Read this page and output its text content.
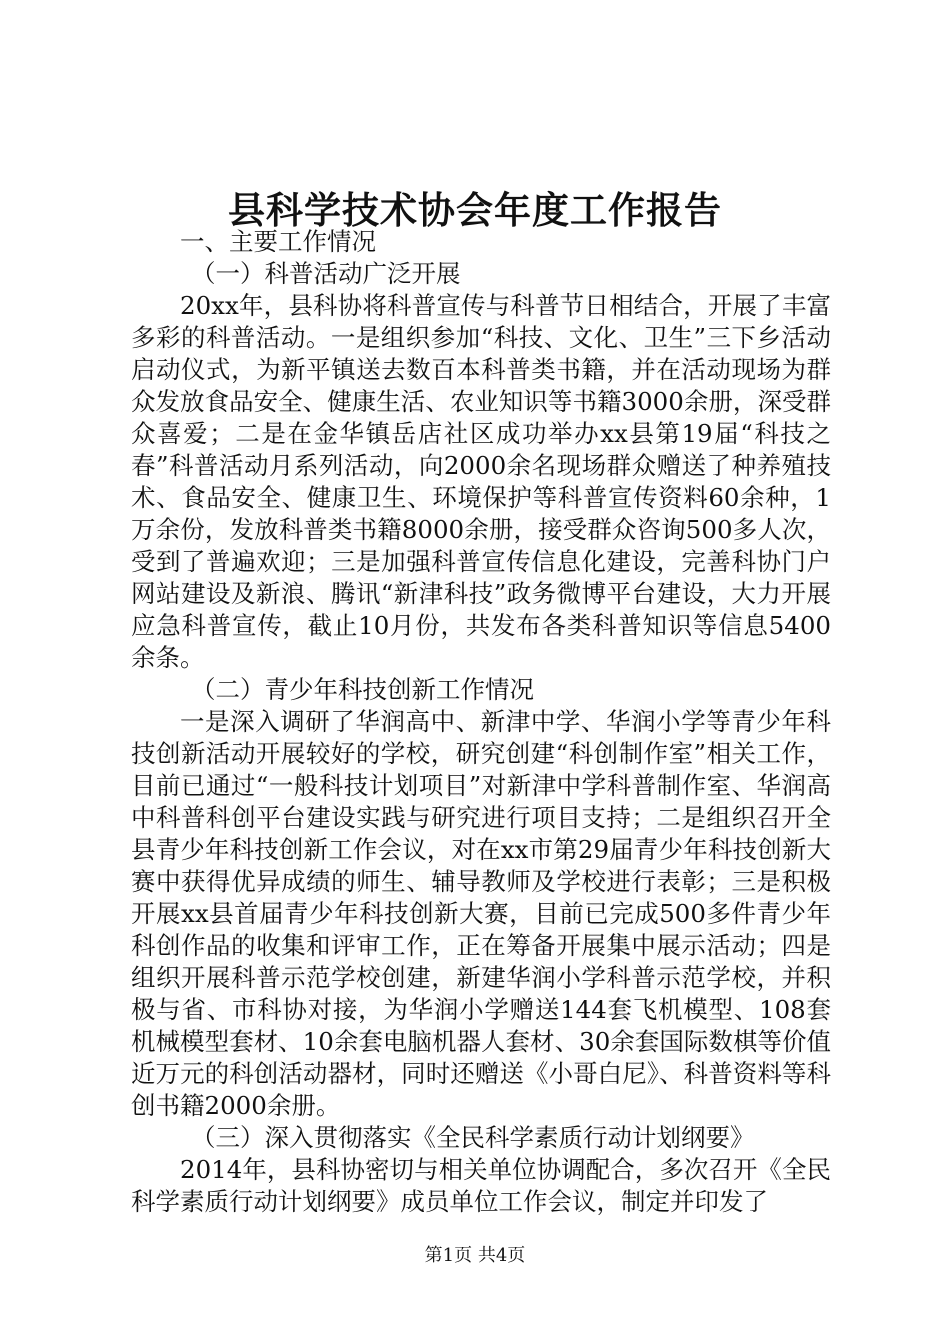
县科学技术协会年度工作报告

一、主要工作情况

（一）科普活动广泛开展

20xx年，县科协将科普宣传与科普节日相结合，开展了丰富多彩的科普活动。一是组织参加“科技、文化、卫生”三下乡活动启动仪式，为新平镇送去数百本科普类书籍，并在活动现场为群众发放食品安全、健康生活、农业知识等书籍3000余册，深受群众喜爱；二是在金华镇岳店社区成功举办xx县第19届“科技之春”科普活动月系列活动，向2000余名现场群众赠送了种养殖技术、食品安全、健康卫生、环境保护等科普宣传资料60余种，1万余份，发放科普类书籍8000余册，接受群众咨询500多人次，受到了普遍欢迎；三是加强科普宣传信息化建设，完善科协门户网站建设及新浪、腾讯“新津科技”政务微博平台建设，大力开展应急科普宣传，截止10月份，共发布各类科普知识等信息5400余条。

（二）青少年科技创新工作情况

一是深入调研了华润高中、新津中学、华润小学等青少年科技创新活动开展较好的学校，研究创建“科创制作室”相关工作，目前已通过“一般科技计划项目”对新津中学科普制作室、华润高中科普科创平台建设实践与研究进行项目支持；二是组织召开全县青少年科技创新工作会议，对在xx市第29届青少年科技创新大赛中获得优异成绩的师生、辅导教师及学校进行表彰；三是积极开展xx县首届青少年科技创新大赛，目前已完成500多件青少年科创作品的收集和评审工作，正在筹备开展集中展示活动；四是组织开展科普示范学校创建，新建华润小学科普示范学校，并积极与省、市科协对接，为华润小学赠送144套飞机模型、108套机械模型套材、10余套电脑机器人套材、30余套国际数棋等价值近万元的科创活动器材，同时还赠送《小哥白尼》、科普资料等科创书籍2000余册。

（三）深入贯彻落实《全民科学素质行动计划纲要》

2014年，县科协密切与相关单位协调配合，多次召开《全民科学素质行动计划纲要》成员单位工作会议，制定并印发了

第1页 共4页
